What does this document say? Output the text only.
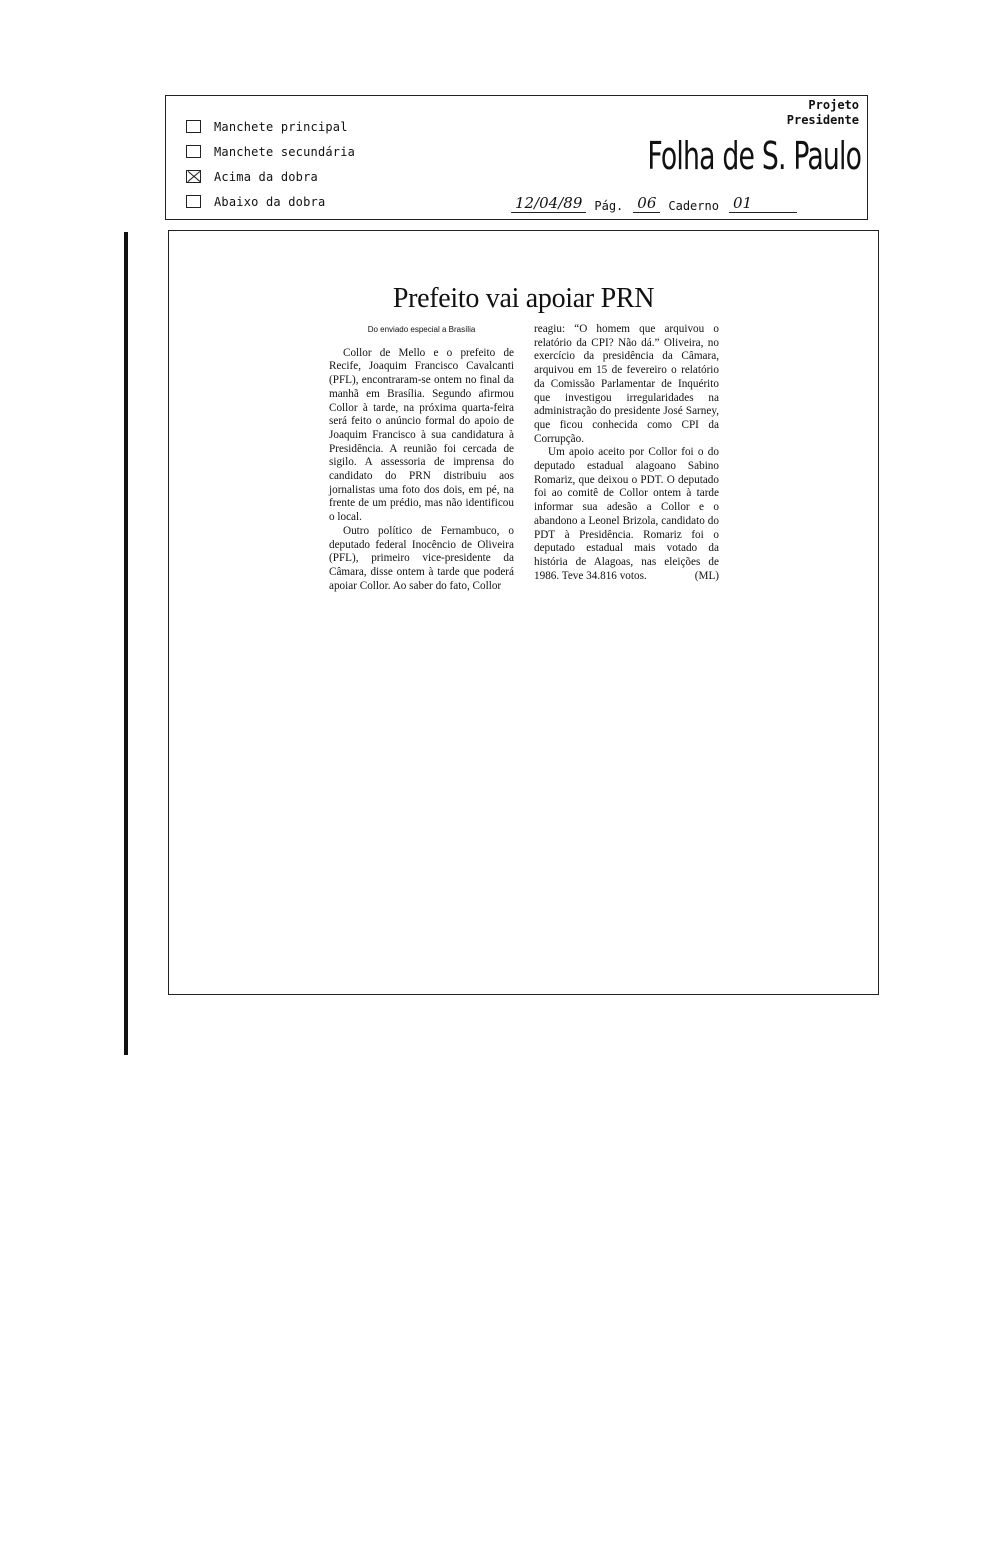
Manchete principal
Manchete secundária
Acima da dobra
Abaixo da dobra
Projeto
Presidente
Folha de S. Paulo
12/04/89	Pág. 06	Caderno 01
Prefeito vai apoiar PRN
Do enviado especial a Brasília

Collor de Mello e o prefeito de Recife, Joaquim Francisco Cavalcanti (PFL), encontraram-se ontem no final da manhã em Brasília. Segundo afirmou Collor à tarde, na próxima quarta-feira será feito o anúncio formal do apoio de Joaquim Francisco à sua candidatura à Presidência. A reunião foi cercada de sigilo. A assessoria de imprensa do candidato do PRN distribuiu aos jornalistas uma foto dos dois, em pé, na frente de um prédio, mas não identificou o local.

Outro político de Fernambuco, o deputado federal Inocêncio de Oliveira (PFL), primeiro vice-presidente da Câmara, disse ontem à tarde que poderá apoiar Collor. Ao saber do fato, Collor

reagiu: “O homem que arquivou o relatório da CPI? Não dá.” Oliveira, no exercício da presidência da Câmara, arquivou em 15 de fevereiro o relatório da Comissão Parlamentar de Inquérito que investigou irregularidades na administração do presidente José Sarney, que ficou conhecida como CPI da Corrupção.

Um apoio aceito por Collor foi o do deputado estadual alagoano Sabino Romariz, que deixou o PDT. O deputado foi ao comitê de Collor ontem à tarde informar sua adesão a Collor e o abandono a Leonel Brizola, candidato do PDT à Presidência. Romariz foi o deputado estadual mais votado da história de Alagoas, nas eleições de 1986. Teve 34.816 votos.	(ML)
